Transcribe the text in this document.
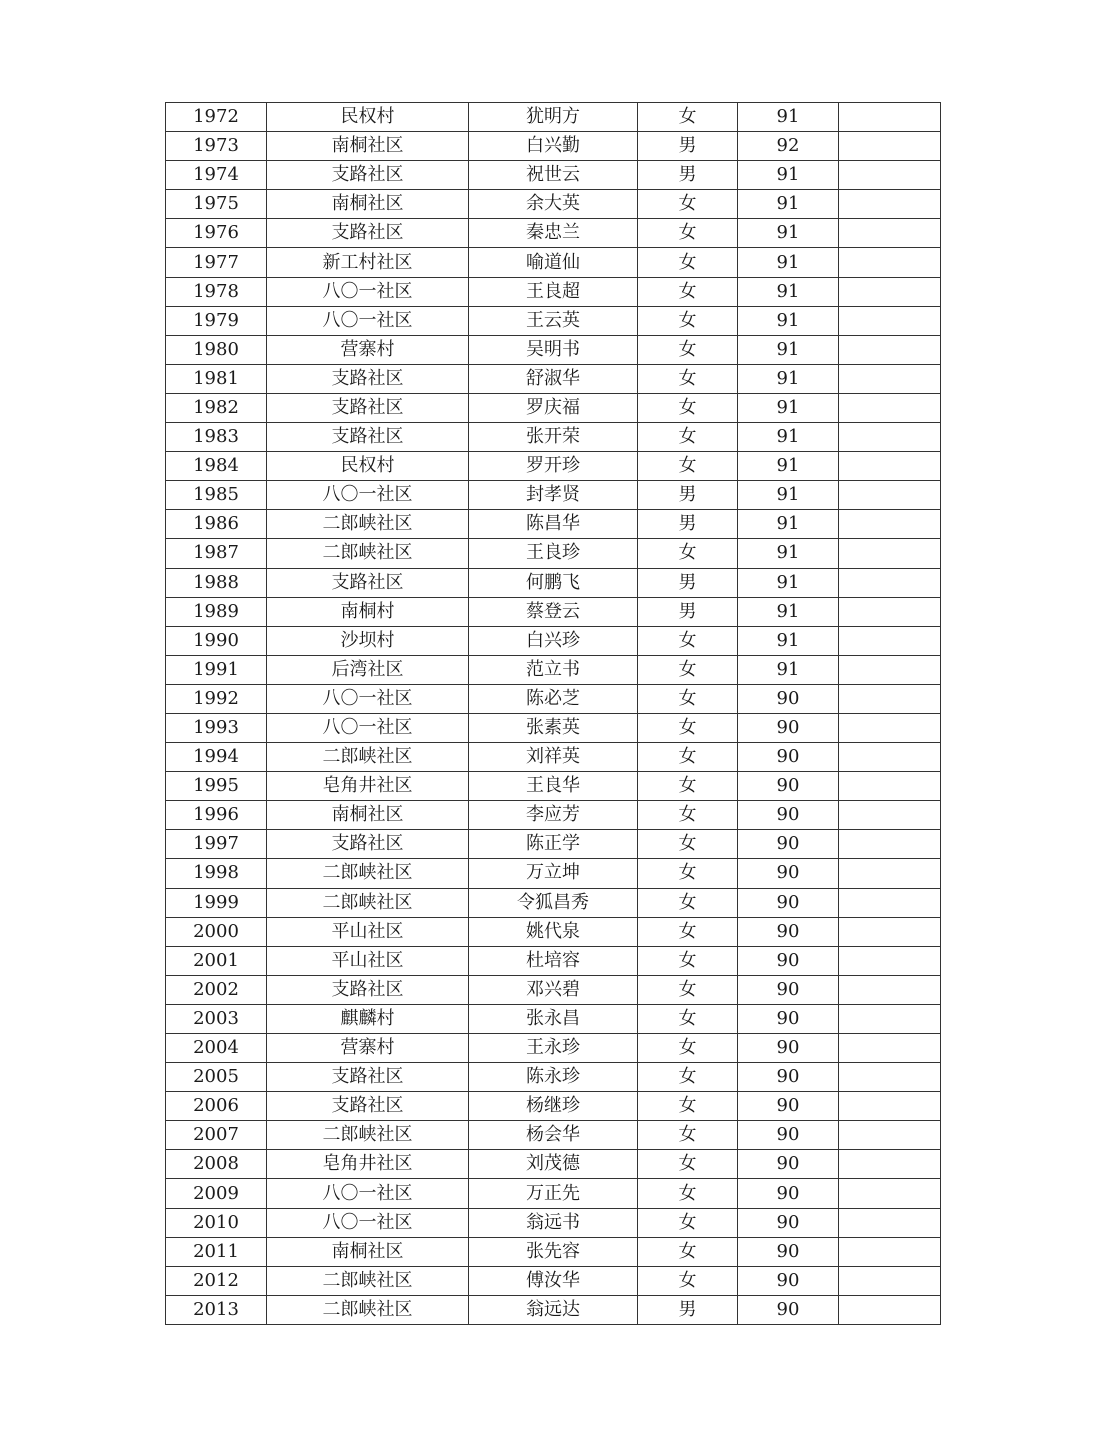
1972	民权村	犹明方	女	91	
1973	南桐社区	白兴勤	男	92	
1974	支路社区	祝世云	男	91	
1975	南桐社区	余大英	女	91	
1976	支路社区	秦忠兰	女	91	
1977	新工村社区	喻道仙	女	91	
1978	八〇一社区	王良超	女	91	
1979	八〇一社区	王云英	女	91	
1980	营寨村	吴明书	女	91	
1981	支路社区	舒淑华	女	91	
1982	支路社区	罗庆福	女	91	
1983	支路社区	张开荣	女	91	
1984	民权村	罗开珍	女	91	
1985	八〇一社区	封孝贤	男	91	
1986	二郎峡社区	陈昌华	男	91	
1987	二郎峡社区	王良珍	女	91	
1988	支路社区	何鹏飞	男	91	
1989	南桐村	蔡登云	男	91	
1990	沙坝村	白兴珍	女	91	
1991	后湾社区	范立书	女	91	
1992	八〇一社区	陈必芝	女	90	
1993	八〇一社区	张素英	女	90	
1994	二郎峡社区	刘祥英	女	90	
1995	皂角井社区	王良华	女	90	
1996	南桐社区	李应芳	女	90	
1997	支路社区	陈正学	女	90	
1998	二郎峡社区	万立坤	女	90	
1999	二郎峡社区	令狐昌秀	女	90	
2000	平山社区	姚代泉	女	90	
2001	平山社区	杜培容	女	90	
2002	支路社区	邓兴碧	女	90	
2003	麒麟村	张永昌	女	90	
2004	营寨村	王永珍	女	90	
2005	支路社区	陈永珍	女	90	
2006	支路社区	杨继珍	女	90	
2007	二郎峡社区	杨会华	女	90	
2008	皂角井社区	刘茂德	女	90	
2009	八〇一社区	万正先	女	90	
2010	八〇一社区	翁远书	女	90	
2011	南桐社区	张先容	女	90	
2012	二郎峡社区	傅汝华	女	90	
2013	二郎峡社区	翁远达	男	90	
